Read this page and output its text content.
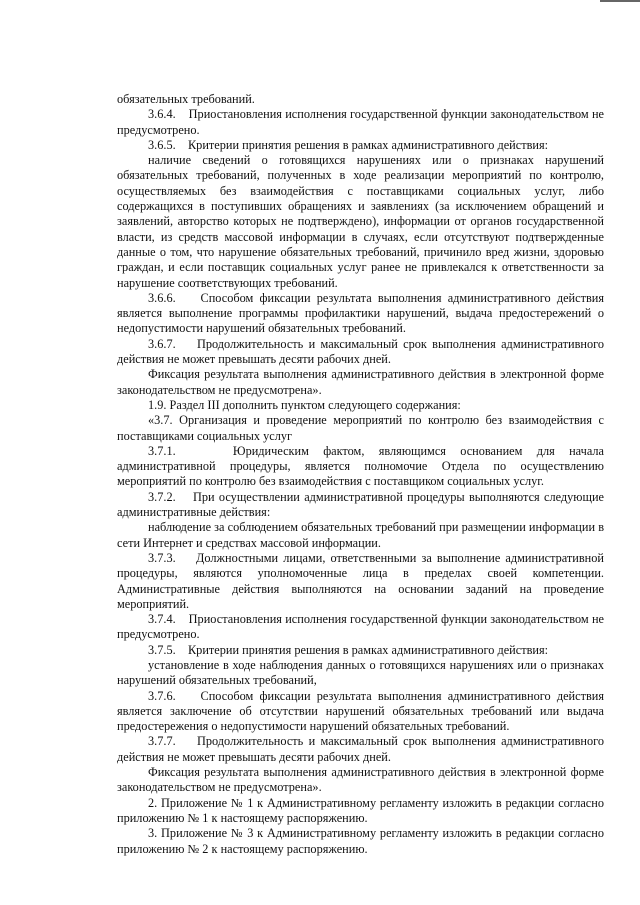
обязательных требований.

3.6.4.    Приостановления исполнения государственной функции законодательством не предусмотрено.

3.6.5.    Критерии принятия решения в рамках административного действия:

наличие сведений о готовящихся нарушениях или о признаках нарушений обязательных требований, полученных в ходе реализации мероприятий по контролю, осуществляемых без взаимодействия с поставщиками социальных услуг, либо содержащихся в поступивших обращениях и заявлениях (за исключением обращений и заявлений, авторство которых не подтверждено), информации от органов государственной власти, из средств массовой информации в случаях, если отсутствуют подтвержденные данные о том, что нарушение обязательных требований, причинило вред жизни, здоровью граждан, и если поставщик социальных услуг ранее не привлекался к ответственности за нарушение соответствующих требований.

3.6.6.    Способом фиксации результата выполнения административного действия является выполнение программы профилактики нарушений, выдача предостережений о недопустимости нарушений обязательных требований.

3.6.7.    Продолжительность и максимальный срок выполнения административного действия не может превышать десяти рабочих дней.

Фиксация результата выполнения административного действия в электронной форме законодательством не предусмотрена».

1.9. Раздел III дополнить пунктом следующего содержания:

«3.7. Организация и проведение мероприятий по контролю без взаимодействия с поставщиками социальных услуг

3.7.1.    Юридическим фактом, являющимся основанием для начала административной процедуры, является полномочие Отдела по осуществлению мероприятий по контролю без взаимодействия с поставщиком социальных услуг.

3.7.2.    При осуществлении административной процедуры выполняются следующие административные действия:

наблюдение за соблюдением обязательных требований при размещении информации в сети Интернет и средствах массовой информации.

3.7.3.    Должностными лицами, ответственными за выполнение административной процедуры, являются уполномоченные лица в пределах своей компетенции. Административные действия выполняются на основании заданий на проведение мероприятий.

3.7.4.    Приостановления исполнения государственной функции законодательством не предусмотрено.

3.7.5.    Критерии принятия решения в рамках административного действия:

установление в ходе наблюдения данных о готовящихся нарушениях или о признаках нарушений обязательных требований,

3.7.6.    Способом фиксации результата выполнения административного действия является заключение об отсутствии нарушений обязательных требований или выдача предостережения о недопустимости нарушений обязательных требований.

3.7.7.    Продолжительность и максимальный срок выполнения административного действия не может превышать десяти рабочих дней.

Фиксация результата выполнения административного действия в электронной форме законодательством не предусмотрена».

2. Приложение № 1 к Административному регламенту изложить в редакции согласно приложению № 1 к настоящему распоряжению.

3. Приложение № 3 к Административному регламенту изложить в редакции согласно приложению № 2 к настоящему распоряжению.
